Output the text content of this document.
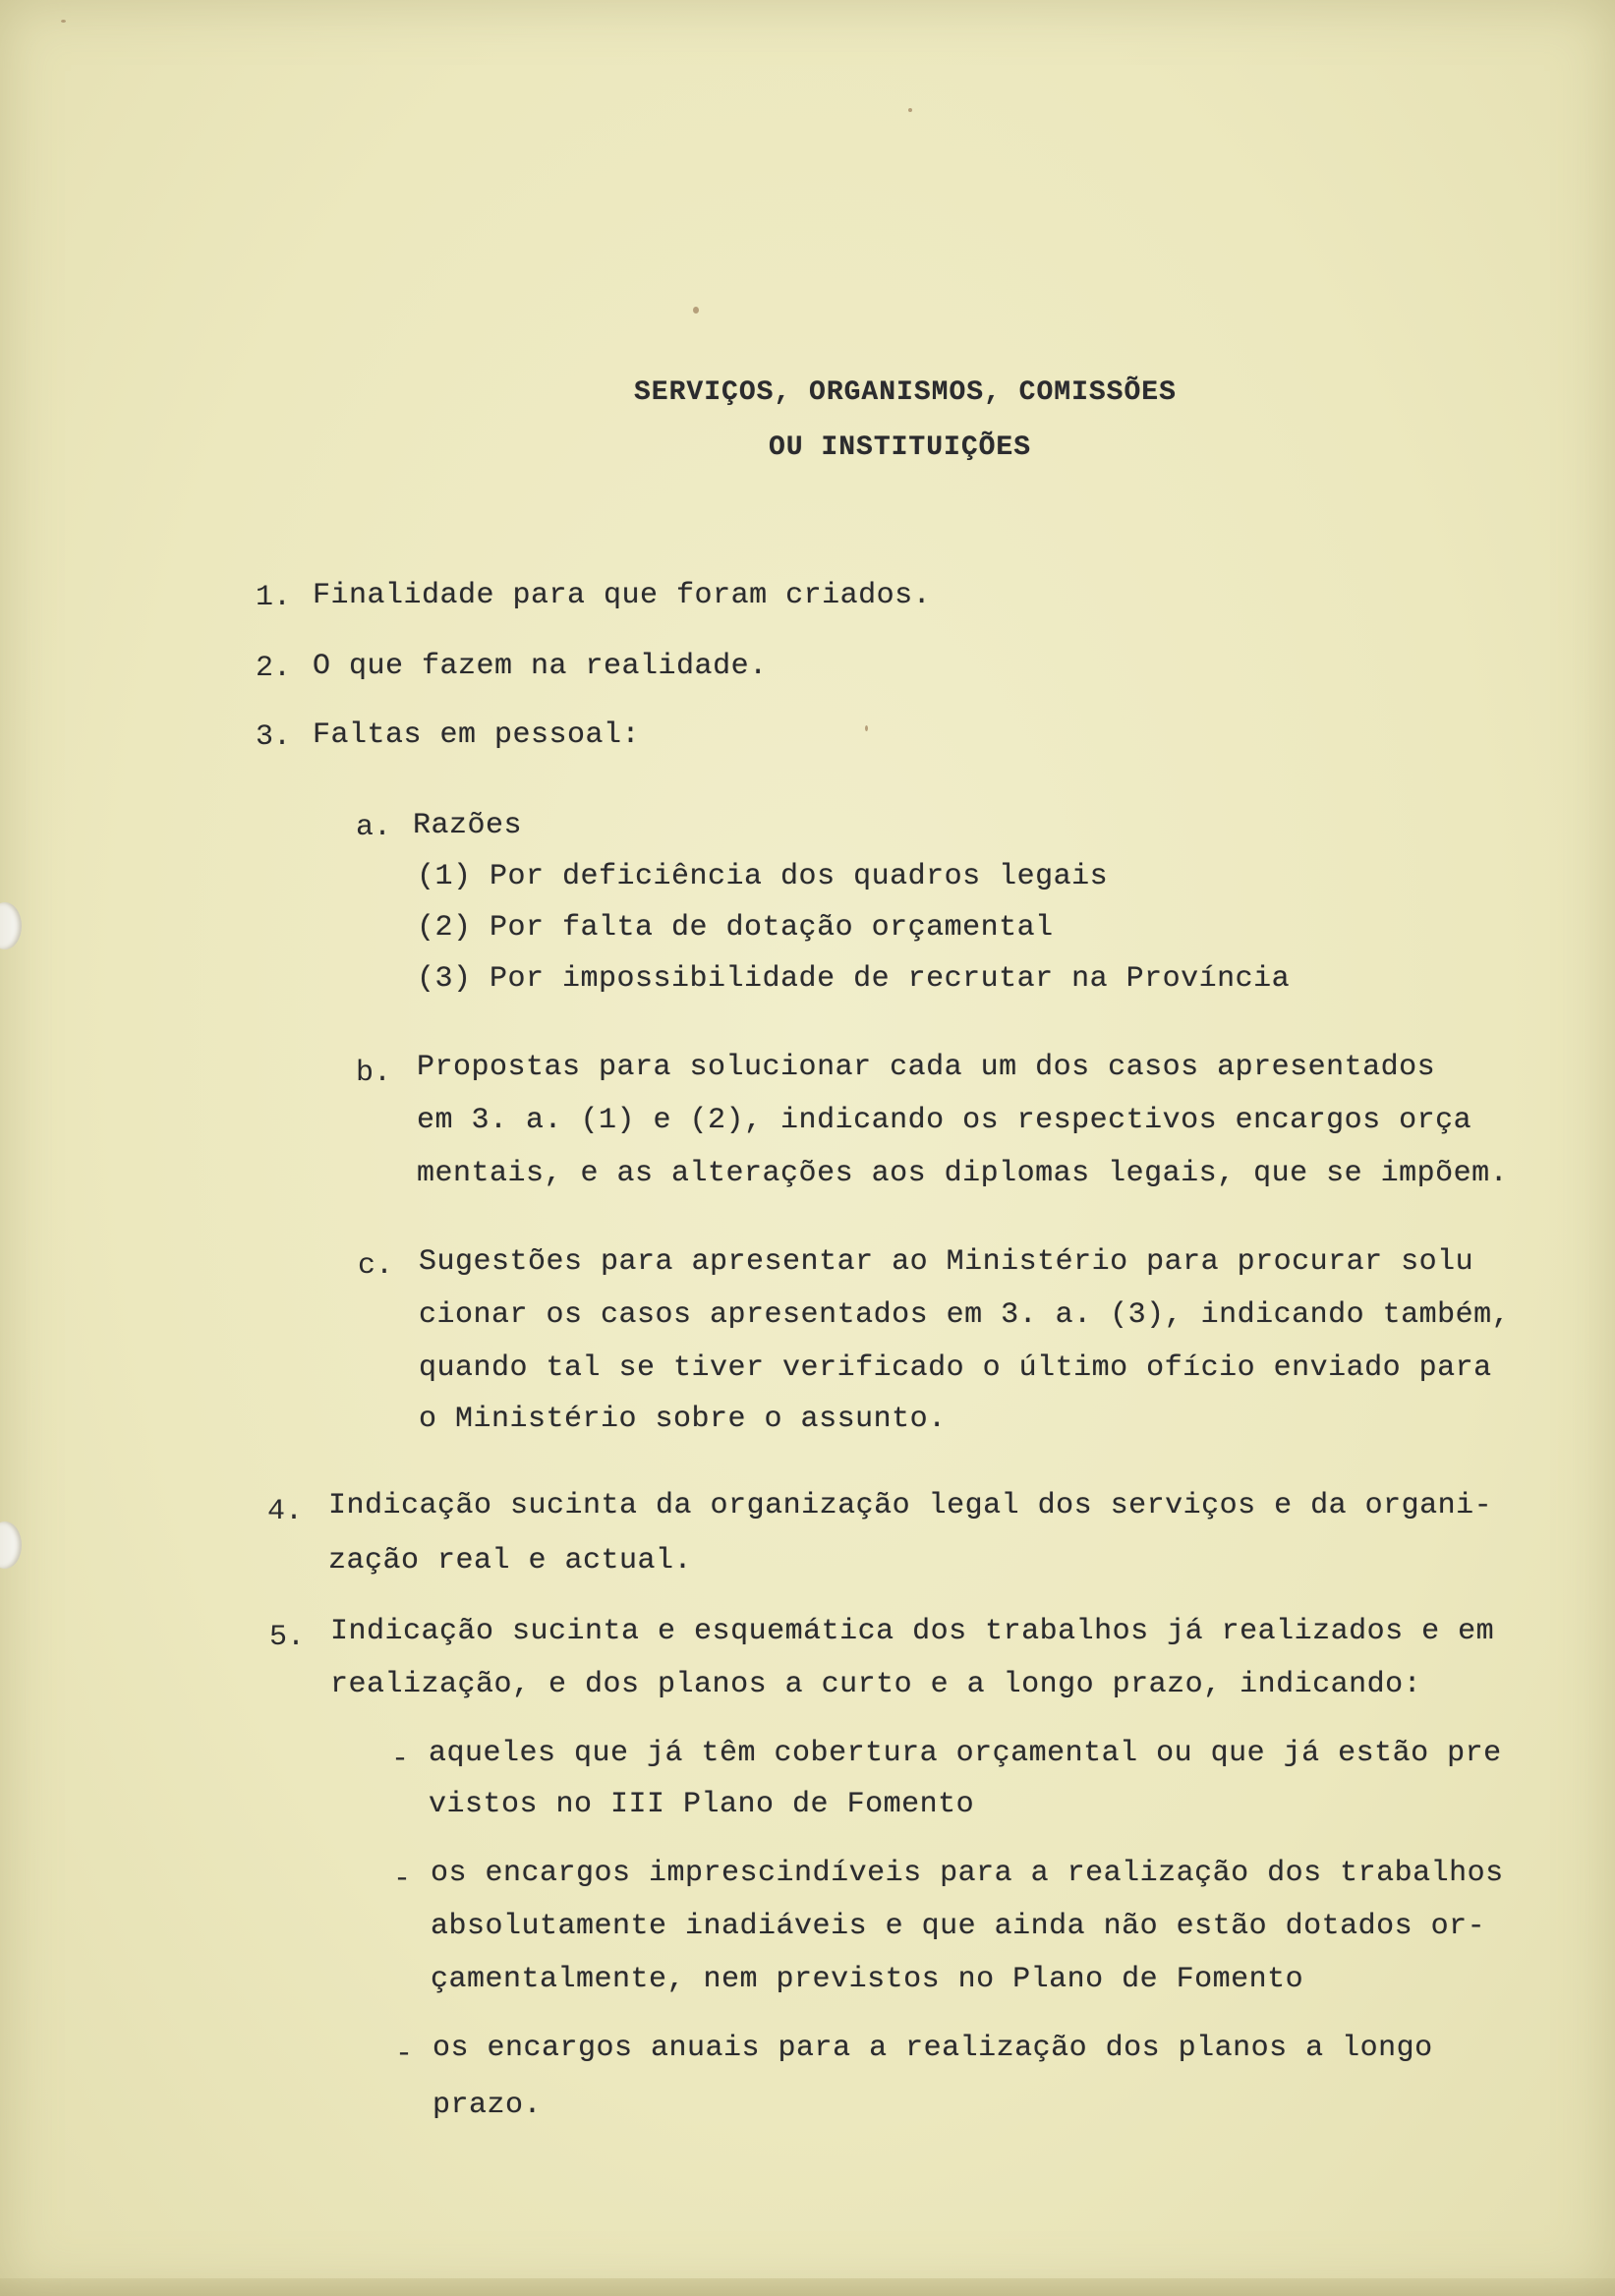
SERVIÇOS, ORGANISMOS, COMISSÕES
OU INSTITUIÇÕES
1. Finalidade para que foram criados.
2. O que fazem na realidade.
3. Faltas em pessoal:
a. Razões
(1) Por deficiência dos quadros legais
(2) Por falta de dotação orçamental
(3) Por impossibilidade de recrutar na Província
b. Propostas para solucionar cada um dos casos apresentados
em 3. a. (1) e (2), indicando os respectivos encargos orça
mentais, e as alterações aos diplomas legais, que se impõem.
c. Sugestões para apresentar ao Ministério para procurar solu
cionar os casos apresentados em 3. a. (3), indicando também,
quando tal se tiver verificado o último ofício enviado para
o Ministério sobre o assunto.
4. Indicação sucinta da organização legal dos serviços e da organi-
zação real e actual.
5. Indicação sucinta e esquemática dos trabalhos já realizados e em
realização, e dos planos a curto e a longo prazo, indicando:
- aqueles que já têm cobertura orçamental ou que já estão pre
vistos no III Plano de Fomento
- os encargos imprescindíveis para a realização dos trabalhos
absolutamente inadiáveis e que ainda não estão dotados or-
çamentalmente, nem previstos no Plano de Fomento
- os encargos anuais para a realização dos planos a longo
prazo.
